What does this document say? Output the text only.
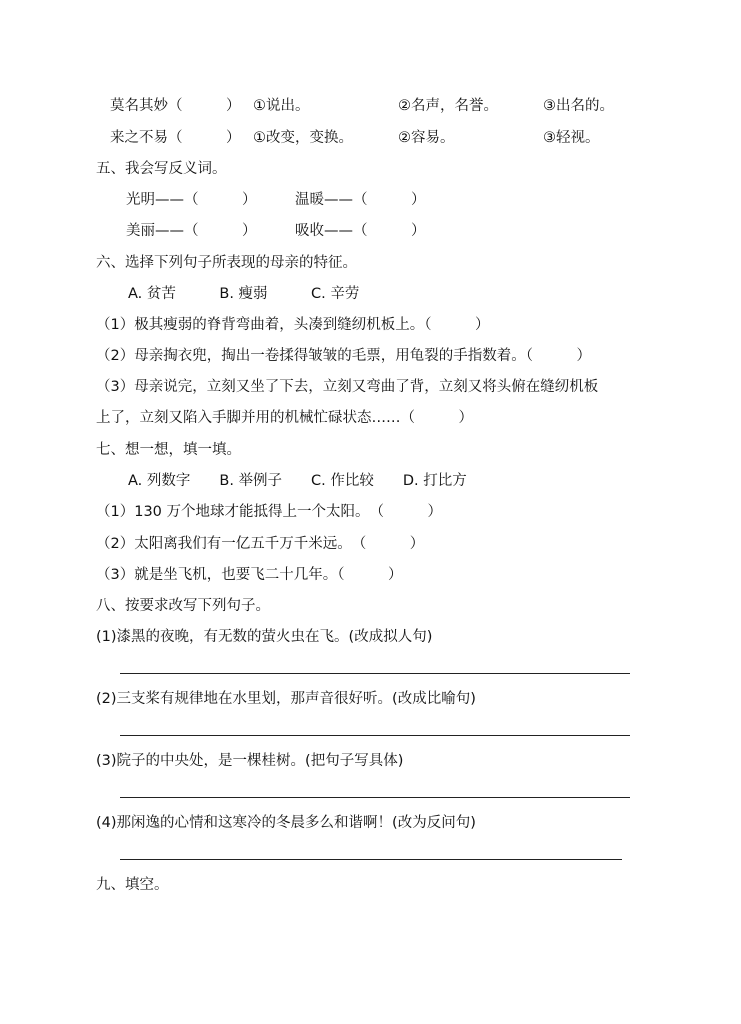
莫名其妙（　　　） ①说出。	②名声，名誉。	③出名的。
来之不易（　　　） ①改变，变换。	②容易。	③轻视。
五、我会写反义词。
光明——（　　　）	温暖——（　　　）
美丽——（　　　）	吸收——（　　　）
六、选择下列句子所表现的母亲的特征。
A. 贫苦　　　B. 瘦弱　　　C. 辛劳
（1）极其瘦弱的脊背弯曲着，头凑到缝纫机板上。（　　　）
（2）母亲掏衣兜，掏出一卷揉得皱皱的毛票，用龟裂的手指数着。（　　　）
（3）母亲说完，立刻又坐了下去，立刻又弯曲了背，立刻又将头俯在缝纫机板
上了，立刻又陷入手脚并用的机械忙碌状态……（　　　）
七、想一想，填一填。
A. 列数字　　B. 举例子　　C. 作比较　　D. 打比方
（1）130 万个地球才能抵得上一个太阳。　（　　　）
（2）太阳离我们有一亿五千万千米远。　（　　　）
（3）就是坐飞机，也要飞二十几年。（　　　）
八、按要求改写下列句子。
(1)漆黑的夜晚，有无数的萤火虫在飞。(改成拟人句)
(2)三支桨有规律地在水里划，那声音很好听。(改成比喻句)
(3)院子的中央处，是一棵桂树。(把句子写具体)
(4)那闲逸的心情和这寒冷的冬晨多么和谐啊！(改为反问句)
九、填空。
